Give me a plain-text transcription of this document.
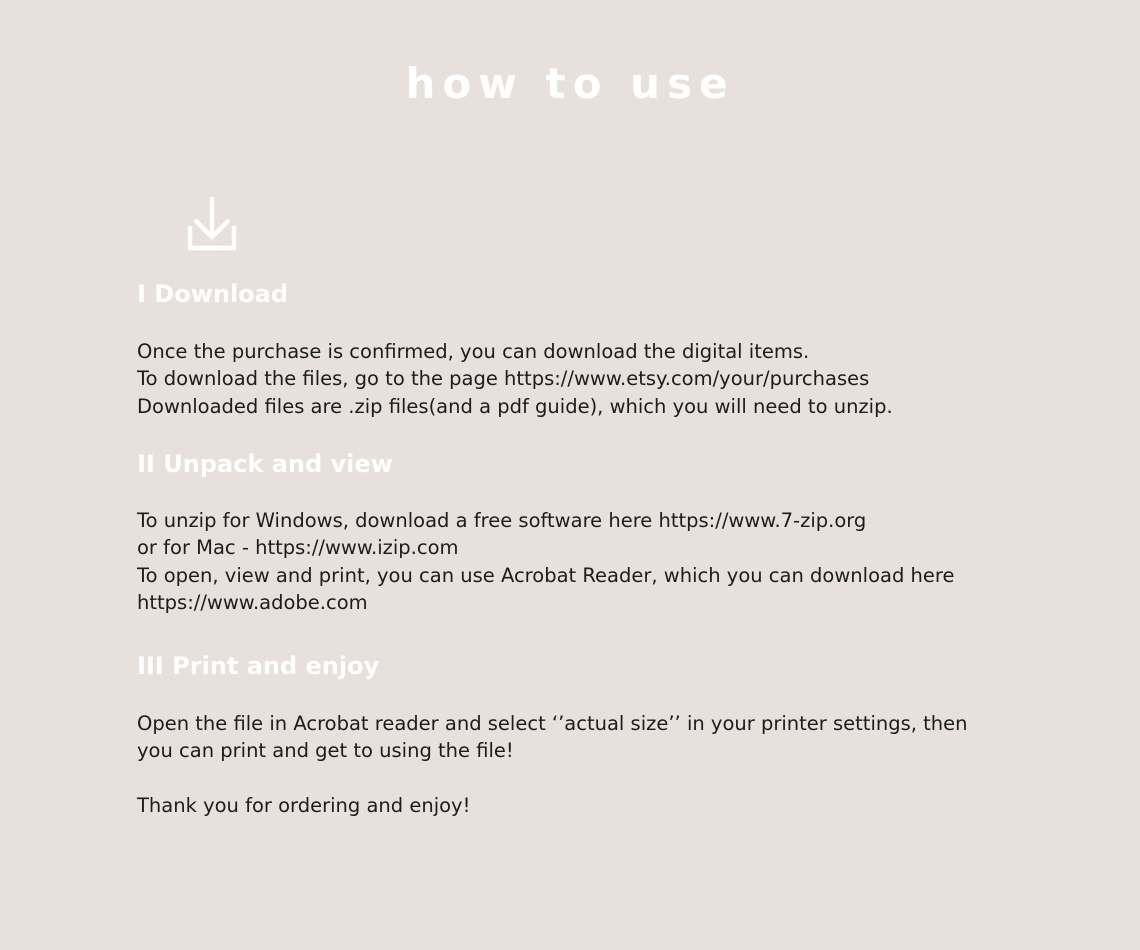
how to use
I Download
Once the purchase is confirmed, you can download the digital items.
To download the files, go to the page https://www.etsy.com/your/purchases
Downloaded files are .zip files(and a pdf guide), which you will need to unzip.
II Unpack and view
To unzip for Windows, download a free software here https://www.7-zip.org
or for Mac - https://www.izip.com
To open, view and print, you can use Acrobat Reader, which you can download here
https://www.adobe.com
III Print and enjoy
Open the file in Acrobat reader and select ‘’actual size’’ in your printer settings, then
you can print and get to using the file!

Thank you for ordering and enjoy!
